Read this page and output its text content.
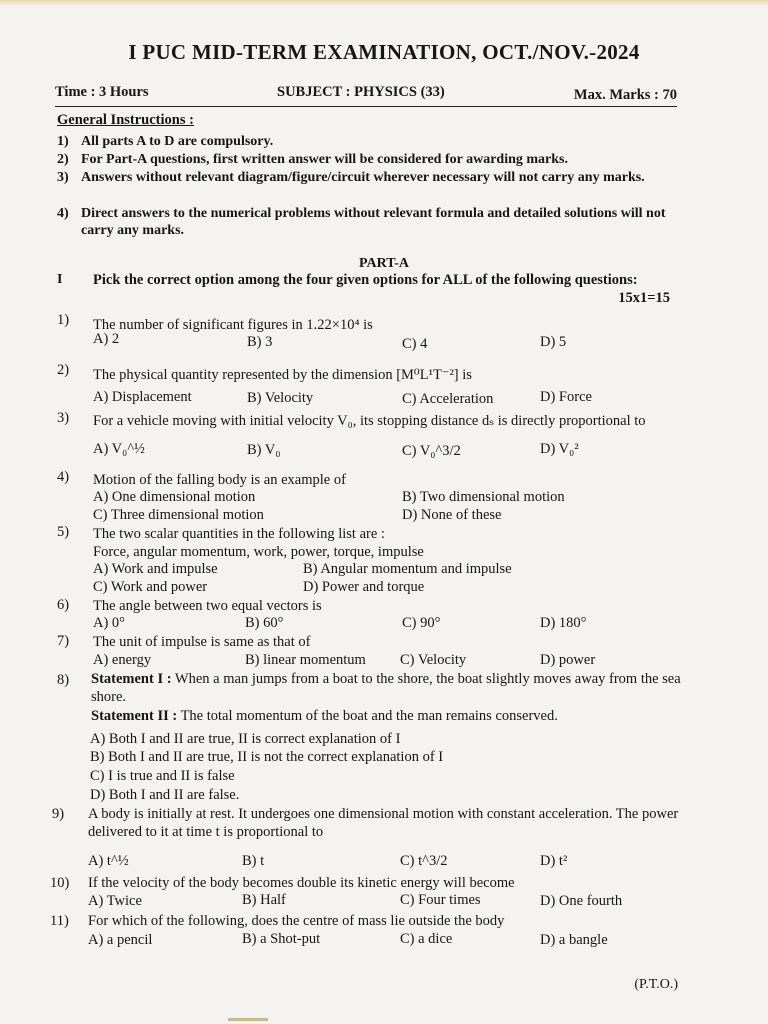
I PUC MID-TERM EXAMINATION, OCT./NOV.-2024
Time : 3 Hours	SUBJECT : PHYSICS (33)	Max. Marks : 70
General Instructions :
1) All parts A to D are compulsory.
2) For Part-A questions, first written answer will be considered for awarding marks.
3) Answers without relevant diagram/figure/circuit wherever necessary will not carry any marks.
4) Direct answers to the numerical problems without relevant formula and detailed solutions will not carry any marks.
PART-A
I Pick the correct option among the four given options for ALL of the following questions:
15x1=15
1) The number of significant figures in 1.22×10⁴ is
A) 2	B) 3	C) 4	D) 5
2) The physical quantity represented by the dimension [M⁰L¹T⁻²] is
A) Displacement	B) Velocity	C) Acceleration	D) Force
3) For a vehicle moving with initial velocity V₀, its stopping distance dₛ is directly proportional to
A) V₀^½	B) V₀	C) V₀^3/2	D) V₀²
4) Motion of the falling body is an example of
A) One dimensional motion	B) Two dimensional motion
C) Three dimensional motion	D) None of these
5) The two scalar quantities in the following list are :
Force, angular momentum, work, power, torque, impulse
A) Work and impulse	B) Angular momentum and impulse
C) Work and power	D) Power and torque
6) The angle between two equal vectors is
A) 0°	B) 60°	C) 90°	D) 180°
7) The unit of impulse is same as that of
A) energy	B) linear momentum C) Velocity	D) power
8) Statement I : When a man jumps from a boat to the shore, the boat slightly moves away from the sea shore.
Statement II : The total momentum of the boat and the man remains conserved.
A) Both I and II are true, II is correct explanation of I
B) Both I and II are true, II is not the correct explanation of I
C) I is true and II is false
D) Both I and II are false.
9) A body is initially at rest. It undergoes one dimensional motion with constant acceleration. The power delivered to it at time t is proportional to
A) t^½	B) t	C) t^3/2	D) t²
10) If the velocity of the body becomes double its kinetic energy will become
A) Twice	B) Half	C) Four times	D) One fourth
11) For which of the following, does the centre of mass lie outside the body
A) a pencil	B) a Shot-put	C) a dice	D) a bangle
(P.T.O.)
